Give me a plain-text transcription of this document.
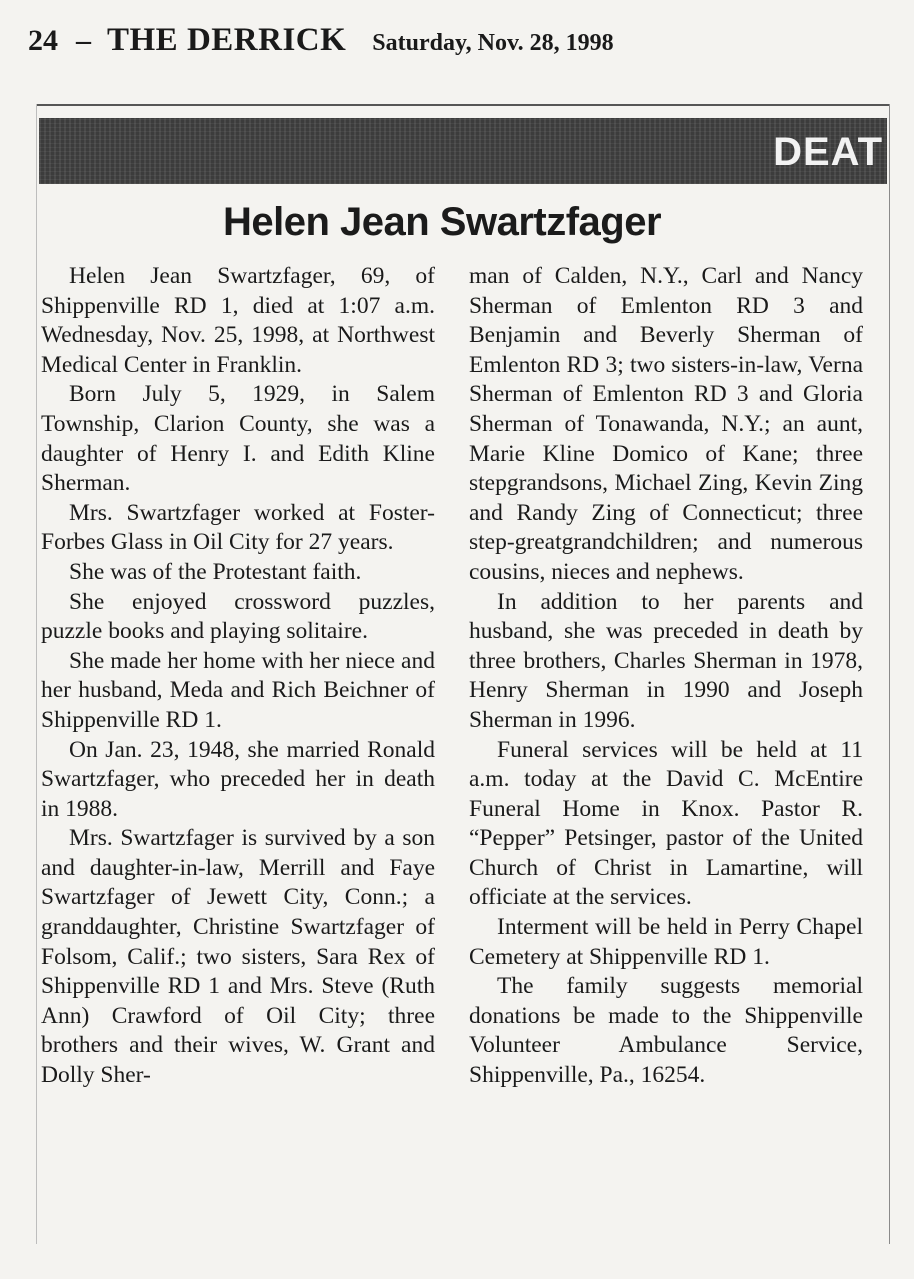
24 – THE DERRICK Saturday, Nov. 28, 1998
DEAT
Helen Jean Swartzfager

Helen Jean Swartzfager, 69, of Shippenville RD 1, died at 1:07 a.m. Wednesday, Nov. 25, 1998, at Northwest Medical Center in Franklin.

Born July 5, 1929, in Salem Township, Clarion County, she was a daughter of Henry I. and Edith Kline Sherman.

Mrs. Swartzfager worked at Foster-Forbes Glass in Oil City for 27 years.

She was of the Protestant faith.

She enjoyed crossword puzzles, puzzle books and playing solitaire.

She made her home with her niece and her husband, Meda and Rich Beichner of Shippenville RD 1.

On Jan. 23, 1948, she married Ronald Swartzfager, who preceded her in death in 1988.

Mrs. Swartzfager is survived by a son and daughter-in-law, Merrill and Faye Swartzfager of Jewett City, Conn.; a granddaughter, Christine Swartzfager of Folsom, Calif.; two sisters, Sara Rex of Shippenville RD 1 and Mrs. Steve (Ruth Ann) Crawford of Oil City; three brothers and their wives, W. Grant and Dolly Sher-

man of Calden, N.Y., Carl and Nancy Sherman of Emlenton RD 3 and Benjamin and Beverly Sherman of Emlenton RD 3; two sisters-in-law, Verna Sherman of Emlenton RD 3 and Gloria Sherman of Tonawanda, N.Y.; an aunt, Marie Kline Domico of Kane; three stepgrandsons, Michael Zing, Kevin Zing and Randy Zing of Connecticut; three step-greatgrandchildren; and numerous cousins, nieces and nephews.

In addition to her parents and husband, she was preceded in death by three brothers, Charles Sherman in 1978, Henry Sherman in 1990 and Joseph Sherman in 1996.

Funeral services will be held at 11 a.m. today at the David C. McEntire Funeral Home in Knox. Pastor R. “Pepper” Petsinger, pastor of the United Church of Christ in Lamartine, will officiate at the services.

Interment will be held in Perry Chapel Cemetery at Shippenville RD 1.

The family suggests memorial donations be made to the Shippenville Volunteer Ambulance Service, Shippenville, Pa., 16254.
